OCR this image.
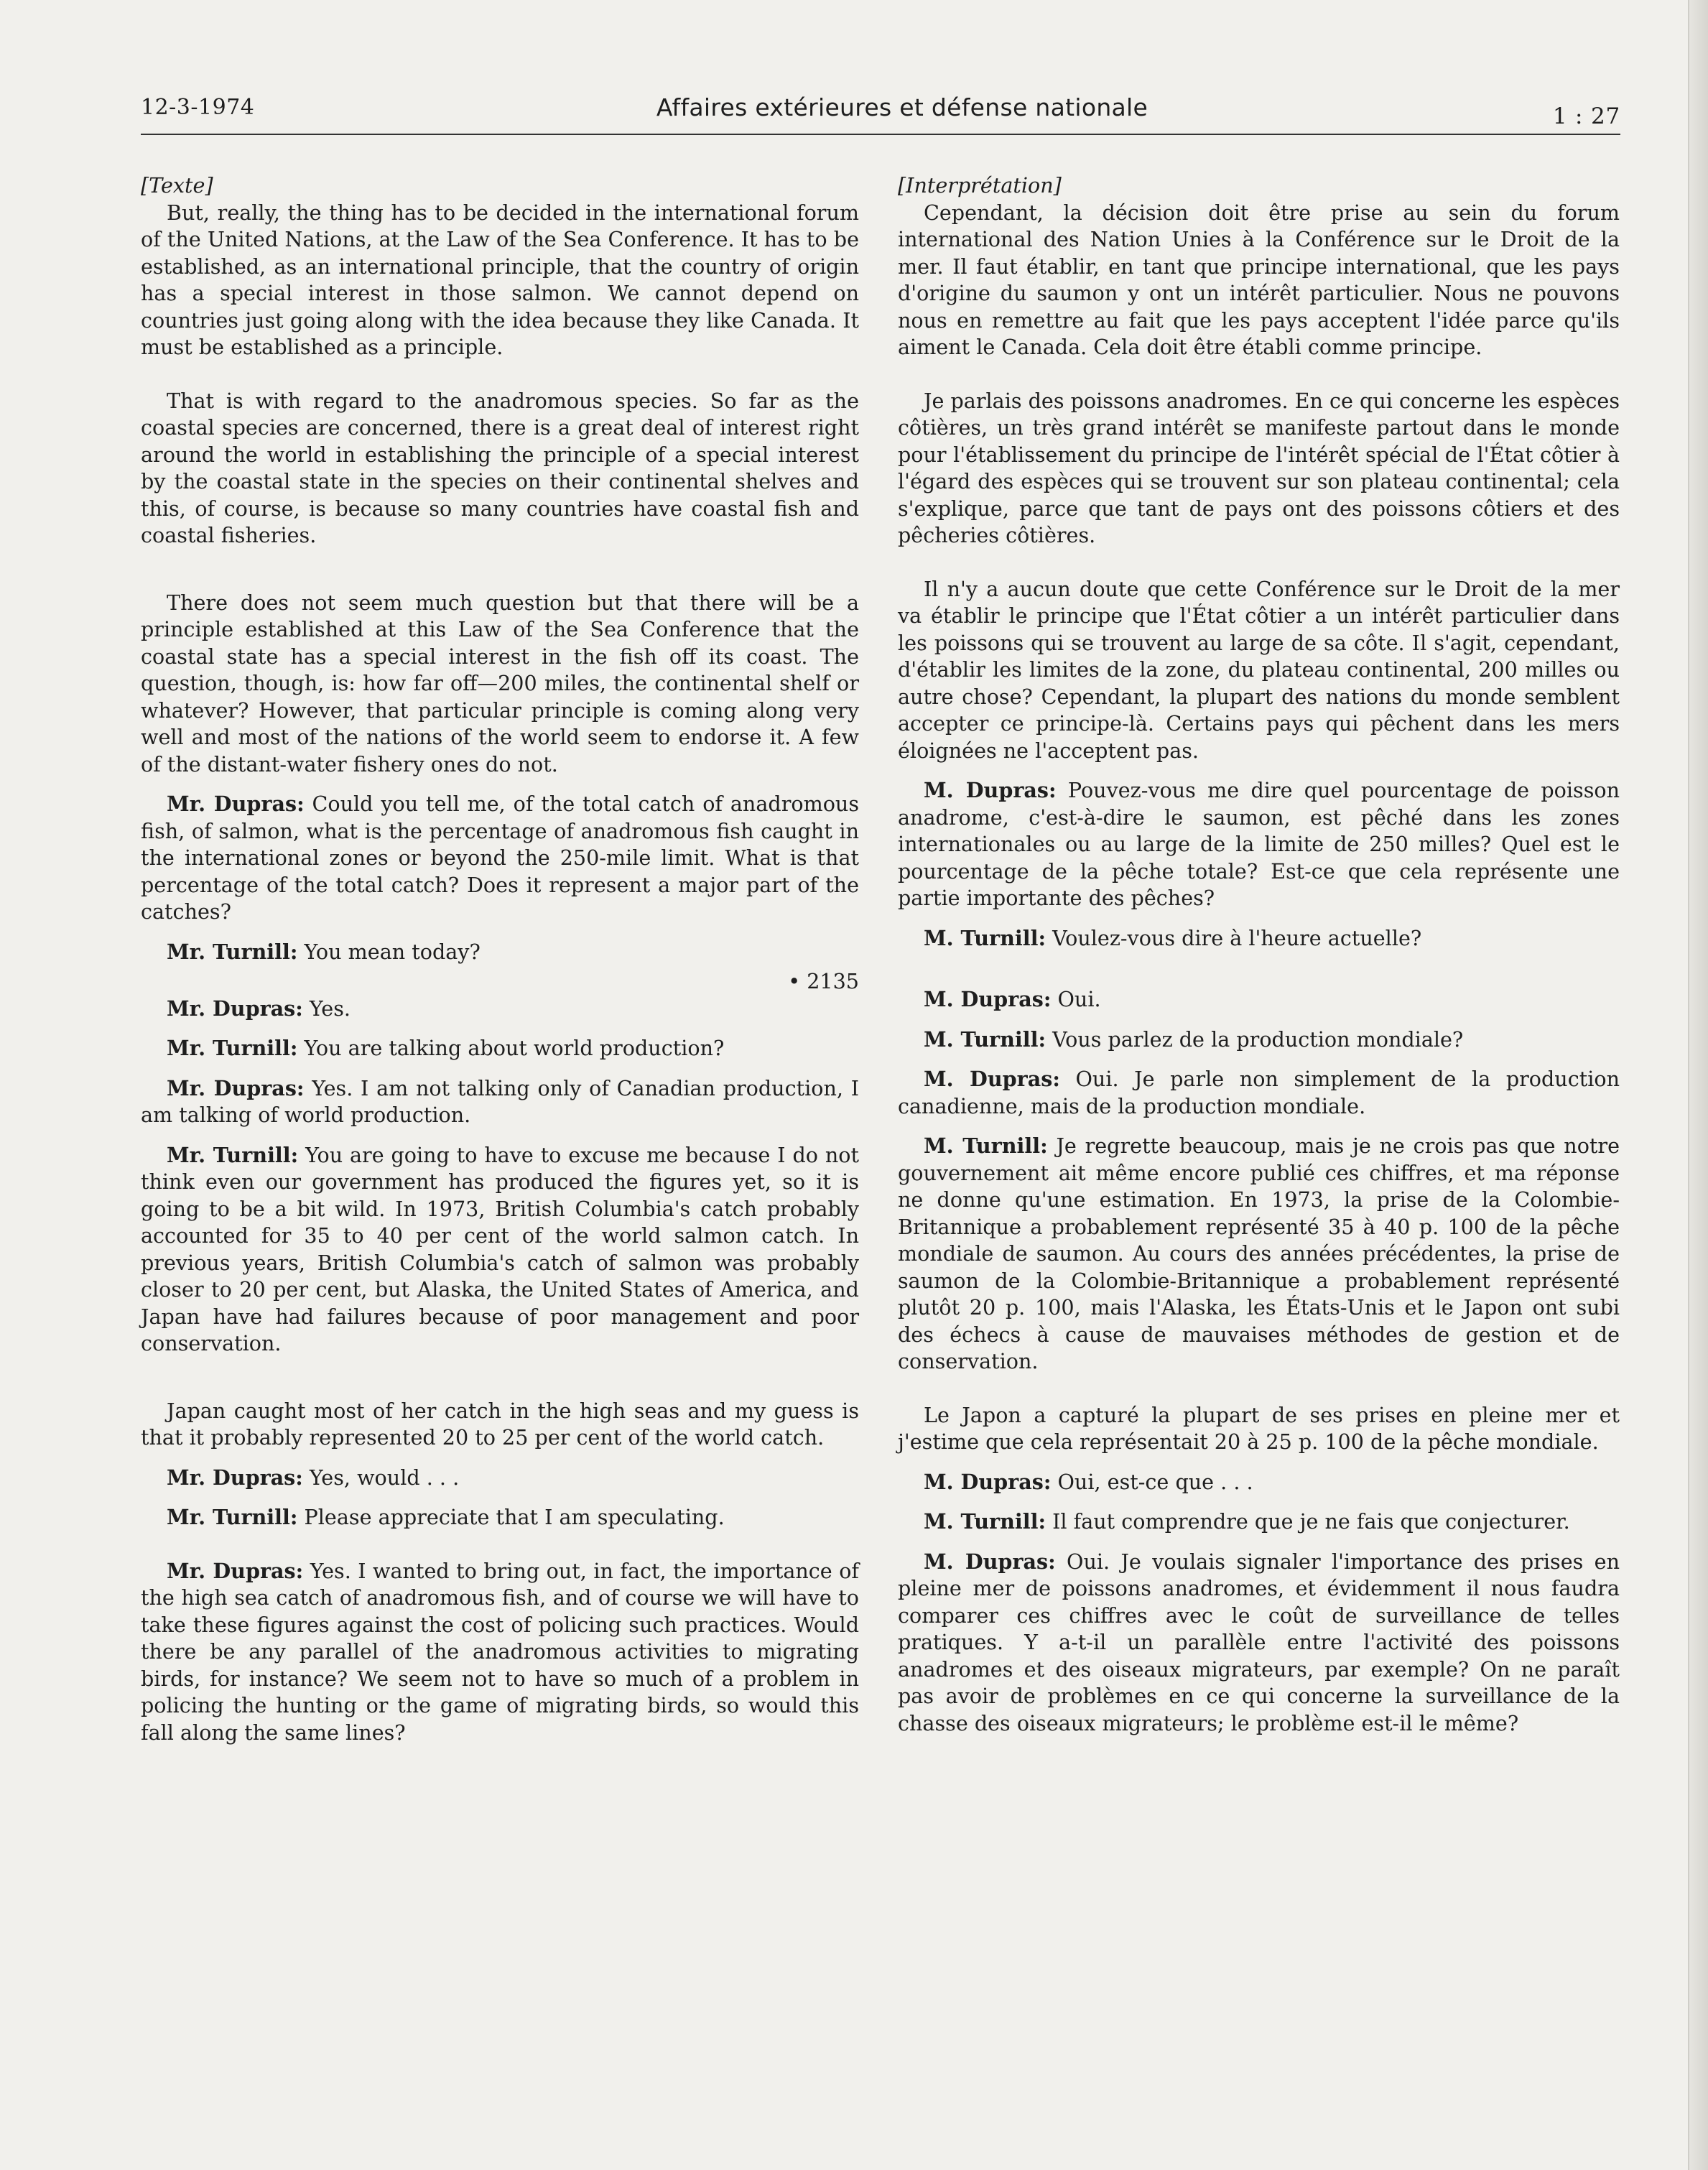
12-3-1974	Affaires extérieures et défense nationale	1 : 27

[Texte]

But, really, the thing has to be decided in the international forum of the United Nations, at the Law of the Sea Conference. It has to be established, as an international principle, that the country of origin has a special interest in those salmon. We cannot depend on countries just going along with the idea because they like Canada. It must be established as a principle.

That is with regard to the anadromous species. So far as the coastal species are concerned, there is a great deal of interest right around the world in establishing the principle of a special interest by the coastal state in the species on their continental shelves and this, of course, is because so many countries have coastal fish and coastal fisheries.

There does not seem much question but that there will be a principle established at this Law of the Sea Conference that the coastal state has a special interest in the fish off its coast. The question, though, is: how far off—200 miles, the continental shelf or whatever? However, that particular principle is coming along very well and most of the nations of the world seem to endorse it. A few of the distant-water fishery ones do not.

Mr. Dupras: Could you tell me, of the total catch of anadromous fish, of salmon, what is the percentage of anadromous fish caught in the international zones or beyond the 250-mile limit. What is that percentage of the total catch? Does it represent a major part of the catches?

Mr. Turnill: You mean today?

• 2135

Mr. Dupras: Yes.

Mr. Turnill: You are talking about world production?

Mr. Dupras: Yes. I am not talking only of Canadian production, I am talking of world production.

Mr. Turnill: You are going to have to excuse me because I do not think even our government has produced the figures yet, so it is going to be a bit wild. In 1973, British Columbia's catch probably accounted for 35 to 40 per cent of the world salmon catch. In previous years, British Columbia's catch of salmon was probably closer to 20 per cent, but Alaska, the United States of America, and Japan have had failures because of poor management and poor conservation.

Japan caught most of her catch in the high seas and my guess is that it probably represented 20 to 25 per cent of the world catch.

Mr. Dupras: Yes, would . . .

Mr. Turnill: Please appreciate that I am speculating.

Mr. Dupras: Yes. I wanted to bring out, in fact, the importance of the high sea catch of anadromous fish, and of course we will have to take these figures against the cost of policing such practices. Would there be any parallel of the anadromous activities to migrating birds, for instance? We seem not to have so much of a problem in policing the hunting or the game of migrating birds, so would this fall along the same lines?

[Interprétation]

Cependant, la décision doit être prise au sein du forum international des Nation Unies à la Conférence sur le Droit de la mer. Il faut établir, en tant que principe international, que les pays d'origine du saumon y ont un intérêt particulier. Nous ne pouvons nous en remettre au fait que les pays acceptent l'idée parce qu'ils aiment le Canada. Cela doit être établi comme principe.

Je parlais des poissons anadromes. En ce qui concerne les espèces côtières, un très grand intérêt se manifeste partout dans le monde pour l'établissement du principe de l'intérêt spécial de l'État côtier à l'égard des espèces qui se trouvent sur son plateau continental; cela s'explique, parce que tant de pays ont des poissons côtiers et des pêcheries côtières.

Il n'y a aucun doute que cette Conférence sur le Droit de la mer va établir le principe que l'État côtier a un intérêt particulier dans les poissons qui se trouvent au large de sa côte. Il s'agit, cependant, d'établir les limites de la zone, du plateau continental, 200 milles ou autre chose? Cependant, la plupart des nations du monde semblent accepter ce principe-là. Certains pays qui pêchent dans les mers éloignées ne l'acceptent pas.

M. Dupras: Pouvez-vous me dire quel pourcentage de poisson anadrome, c'est-à-dire le saumon, est pêché dans les zones internationales ou au large de la limite de 250 milles? Quel est le pourcentage de la pêche totale? Est-ce que cela représente une partie importante des pêches?

M. Turnill: Voulez-vous dire à l'heure actuelle?

M. Dupras: Oui.

M. Turnill: Vous parlez de la production mondiale?

M. Dupras: Oui. Je parle non simplement de la production canadienne, mais de la production mondiale.

M. Turnill: Je regrette beaucoup, mais je ne crois pas que notre gouvernement ait même encore publié ces chiffres, et ma réponse ne donne qu'une estimation. En 1973, la prise de la Colombie-Britannique a probablement représenté 35 à 40 p. 100 de la pêche mondiale de saumon. Au cours des années précédentes, la prise de saumon de la Colombie-Britannique a probablement représenté plutôt 20 p. 100, mais l'Alaska, les États-Unis et le Japon ont subi des échecs à cause de mauvaises méthodes de gestion et de conservation.

Le Japon a capturé la plupart de ses prises en pleine mer et j'estime que cela représentait 20 à 25 p. 100 de la pêche mondiale.

M. Dupras: Oui, est-ce que . . .

M. Turnill: Il faut comprendre que je ne fais que conjecturer.

M. Dupras: Oui. Je voulais signaler l'importance des prises en pleine mer de poissons anadromes, et évidemment il nous faudra comparer ces chiffres avec le coût de surveillance de telles pratiques. Y a-t-il un parallèle entre l'activité des poissons anadromes et des oiseaux migrateurs, par exemple? On ne paraît pas avoir de problèmes en ce qui concerne la surveillance de la chasse des oiseaux migrateurs; le problème est-il le même?
